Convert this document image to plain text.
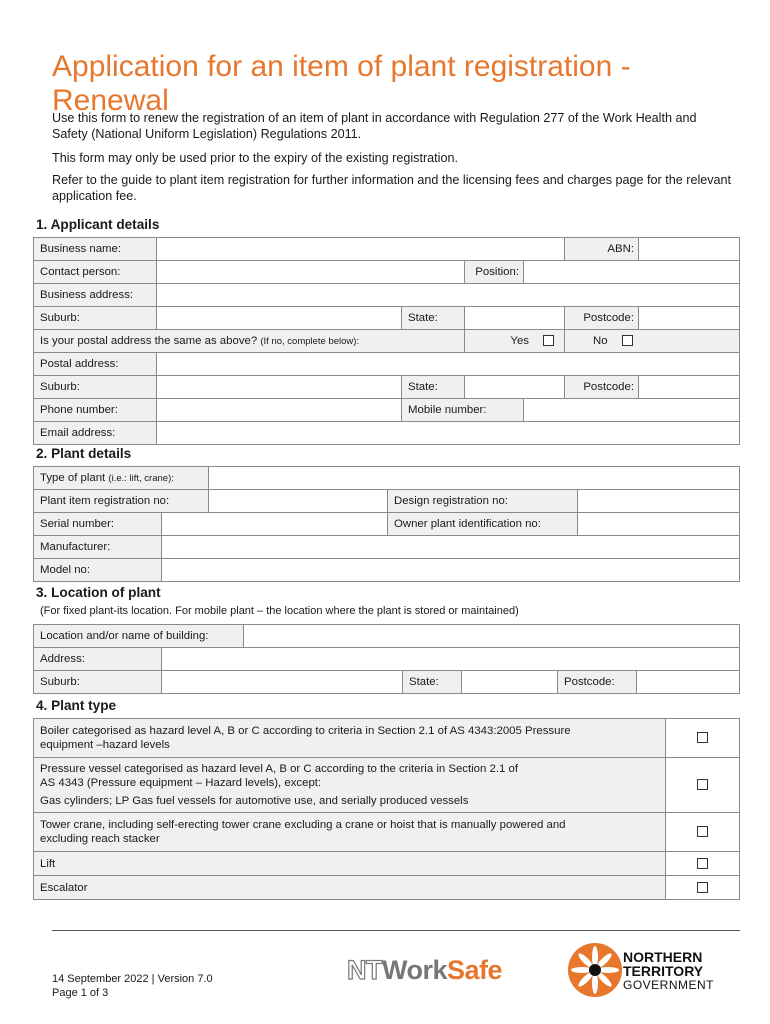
Application for an item of plant registration - Renewal

Use this form to renew the registration of an item of plant in accordance with Regulation 277 of the Work Health and Safety (National Uniform Legislation) Regulations 2011.

This form may only be used prior to the expiry of the existing registration.

Refer to the guide to plant item registration for further information and the licensing fees and charges page for the relevant application fee.

1. Applicant details
Business name:					ABN:	
Contact person:			Position:			
Business address:						
Suburb:		State:			Postcode:	
Is your postal address the same as above? (If no, complete below):			Yes		No	
Postal address:						
Suburb:		State:			Postcode:	
Phone number:		Mobile number:				
Email address:						
2. Plant details
Type of plant (i.e.: lift, crane):				
Plant item registration no:			Design registration no:	
Serial number:			Owner plant identification no:	
Manufacturer:				
Model no:				
3. Location of plant
(For fixed plant-its location. For mobile plant – the location where the plant is stored or maintained)
Location and/or name of building:						
Address:						
Suburb:			State:		Postcode:	
4. Plant type
Boiler categorised as hazard level A, B or C according to criteria in Section 2.1 of AS 4343:2005 Pressure
equipment –hazard levels	
Pressure vessel categorised as hazard level A, B or C according to the criteria in Section 2.1 of
AS 4343 (Pressure equipment – Hazard levels), except:
Gas cylinders; LP Gas fuel vessels for automotive use, and serially produced vessels	
Tower crane, including self-erecting tower crane excluding a crane or hoist that is manually powered and
excluding reach stacker	
Lift	
Escalator	
14 September 2022 | Version 7.0
Page 1 of 3
NTWorkSafe	NORTHERN
TERRITORY
GOVERNMENT
